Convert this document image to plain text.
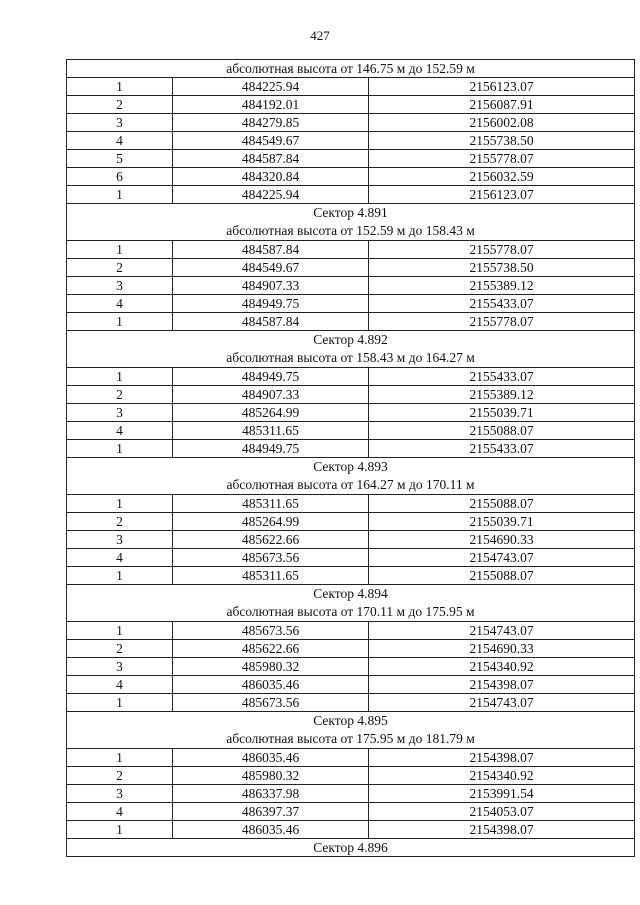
427
абсолютная высота от 146.75 м до 152.59 м		

1	484225.94	2156123.07
2	484192.01	2156087.91
3	484279.85	2156002.08
4	484549.67	2155738.50
5	484587.84	2155778.07
6	484320.84	2156032.59
1	484225.94	2156123.07

Сектор 4.891
абсолютная высота от 152.59 м до 158.43 м		

1	484587.84	2155778.07
2	484549.67	2155738.50
3	484907.33	2155389.12
4	484949.75	2155433.07
1	484587.84	2155778.07

Сектор 4.892
абсолютная высота от 158.43 м до 164.27 м		

1	484949.75	2155433.07
2	484907.33	2155389.12
3	485264.99	2155039.71
4	485311.65	2155088.07
1	484949.75	2155433.07

Сектор 4.893
абсолютная высота от 164.27 м до 170.11 м		

1	485311.65	2155088.07
2	485264.99	2155039.71
3	485622.66	2154690.33
4	485673.56	2154743.07
1	485311.65	2155088.07

Сектор 4.894
абсолютная высота от 170.11 м до 175.95 м		

1	485673.56	2154743.07
2	485622.66	2154690.33
3	485980.32	2154340.92
4	486035.46	2154398.07
1	485673.56	2154743.07

Сектор 4.895
абсолютная высота от 175.95 м до 181.79 м		

1	486035.46	2154398.07
2	485980.32	2154340.92
3	486337.98	2153991.54
4	486397.37	2154053.07
1	486035.46	2154398.07

Сектор 4.896		
